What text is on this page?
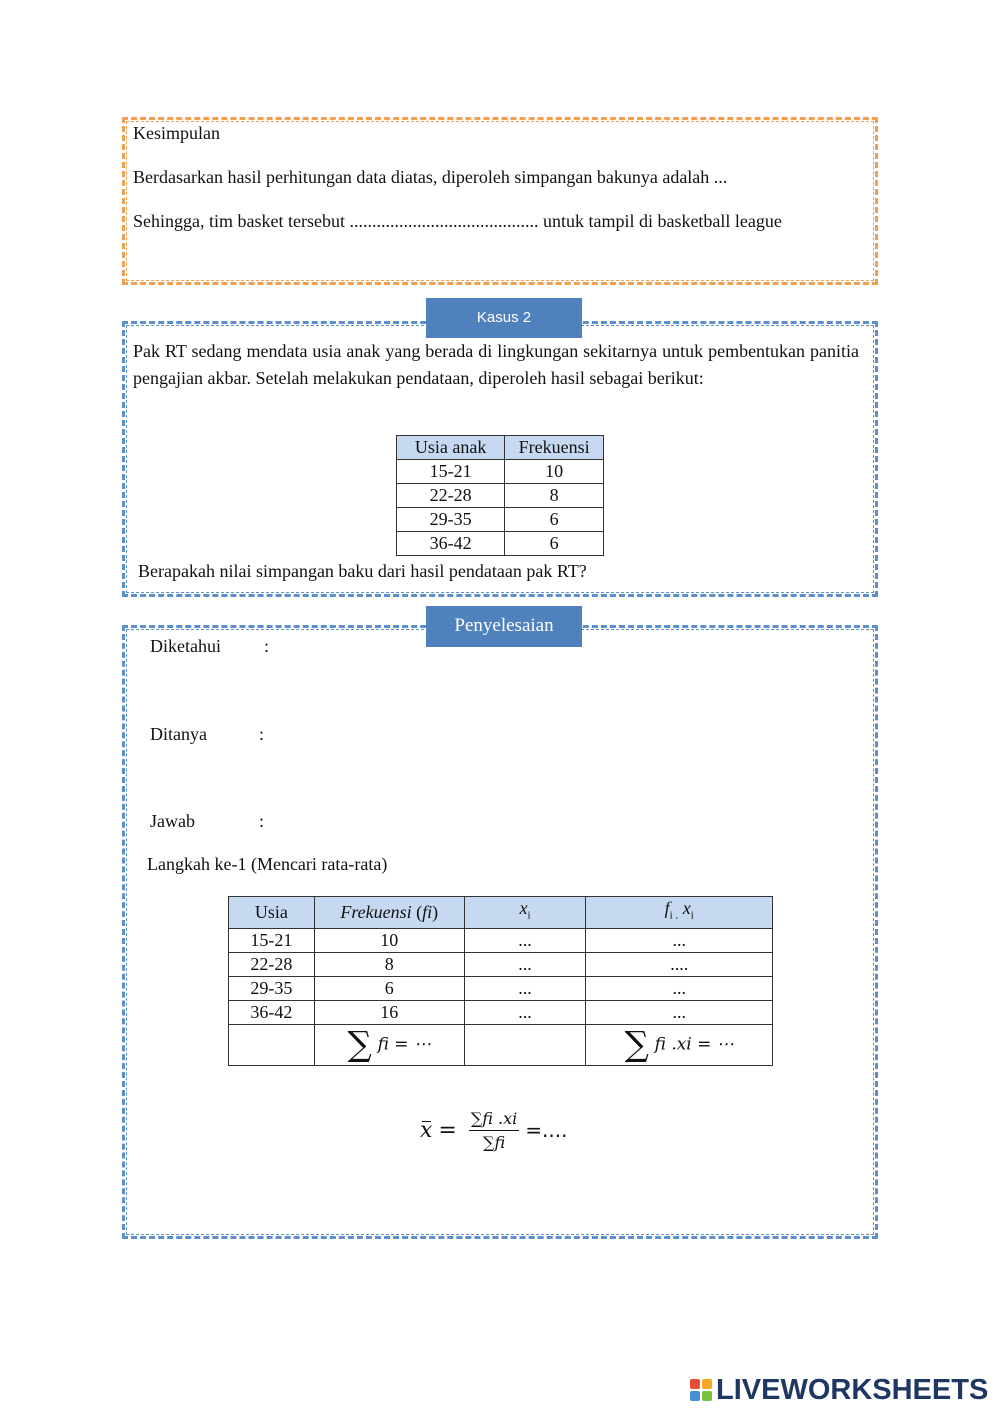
Kesimpulan
Berdasarkan hasil perhitungan data diatas, diperoleh simpangan bakunya adalah ...
Sehingga, tim basket tersebut .......................................... untuk tampil di basketball league
Kasus 2
Pak RT sedang mendata usia anak yang berada di lingkungan sekitarnya untuk pembentukan panitia pengajian akbar. Setelah melakukan pendataan, diperoleh hasil sebagai berikut:
Usia anak	Frekuensi
15-21	10
22-28	8
29-35	6
36-42	6
Berapakah nilai simpangan baku dari hasil pendataan pak RT?
Penyelesaian
Diketahui :
Ditanya	:
Jawab	:
Langkah ke-1 (Mencari rata-rata)
Usia	Frekuensi (fi)	$x_i$	$f_{i .}$ $x_i$
15-21	10	...	...
22-28	8	...	....
29-35	6	...	...
36-42	16	...	...
	∑ fi = ⋯		∑ fi .xi = ⋯
$x = \frac{\sum fi .xi}{\sum fi}$ =....
LIVEWORKSHEETS
